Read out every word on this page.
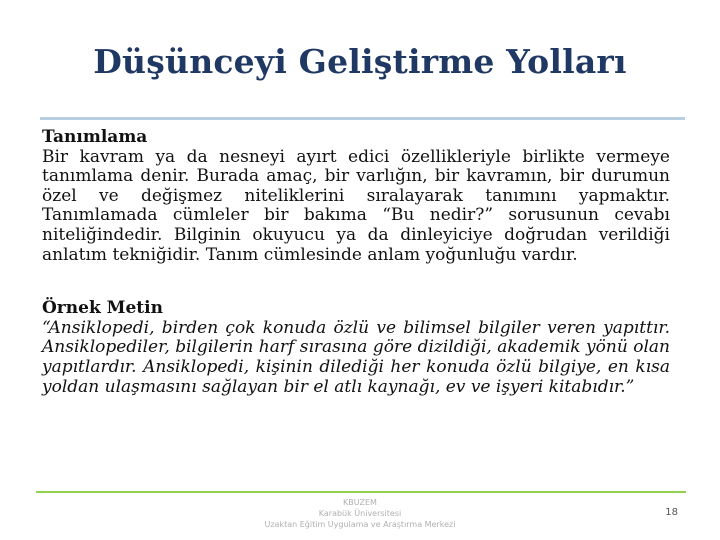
Düşünceyi Geliştirme Yolları
Tanımlama
Bir kavram ya da nesneyi ayırt edici özellikleriyle birlikte vermeye tanımlama denir. Burada amaç, bir varlığın, bir kavramın, bir durumun özel ve değişmez niteliklerini sıralayarak tanımını yapmaktır. Tanımlamada cümleler bir bakıma “Bu nedir?” sorusunun cevabı niteliğindedir. Bilginin okuyucu ya da dinleyiciye doğrudan verildiği anlatım tekniğidir. Tanım cümlesinde anlam yoğunluğu vardır.
Örnek Metin
“Ansiklopedi, birden çok konuda özlü ve bilimsel bilgiler veren yapıttır. Ansiklopediler, bilgilerin harf sırasına göre dizildiği, akademik yönü olan yapıtlardır. Ansiklopedi, kişinin dilediği her konuda özlü bilgiye, en kısa yoldan ulaşmasını sağlayan bir el atlı kaynağı, ev ve işyeri kitabıdır.”
KBUZEM
Karabük Üniversitesi
Uzaktan Eğitim Uygulama ve Araştırma Merkezi
18
